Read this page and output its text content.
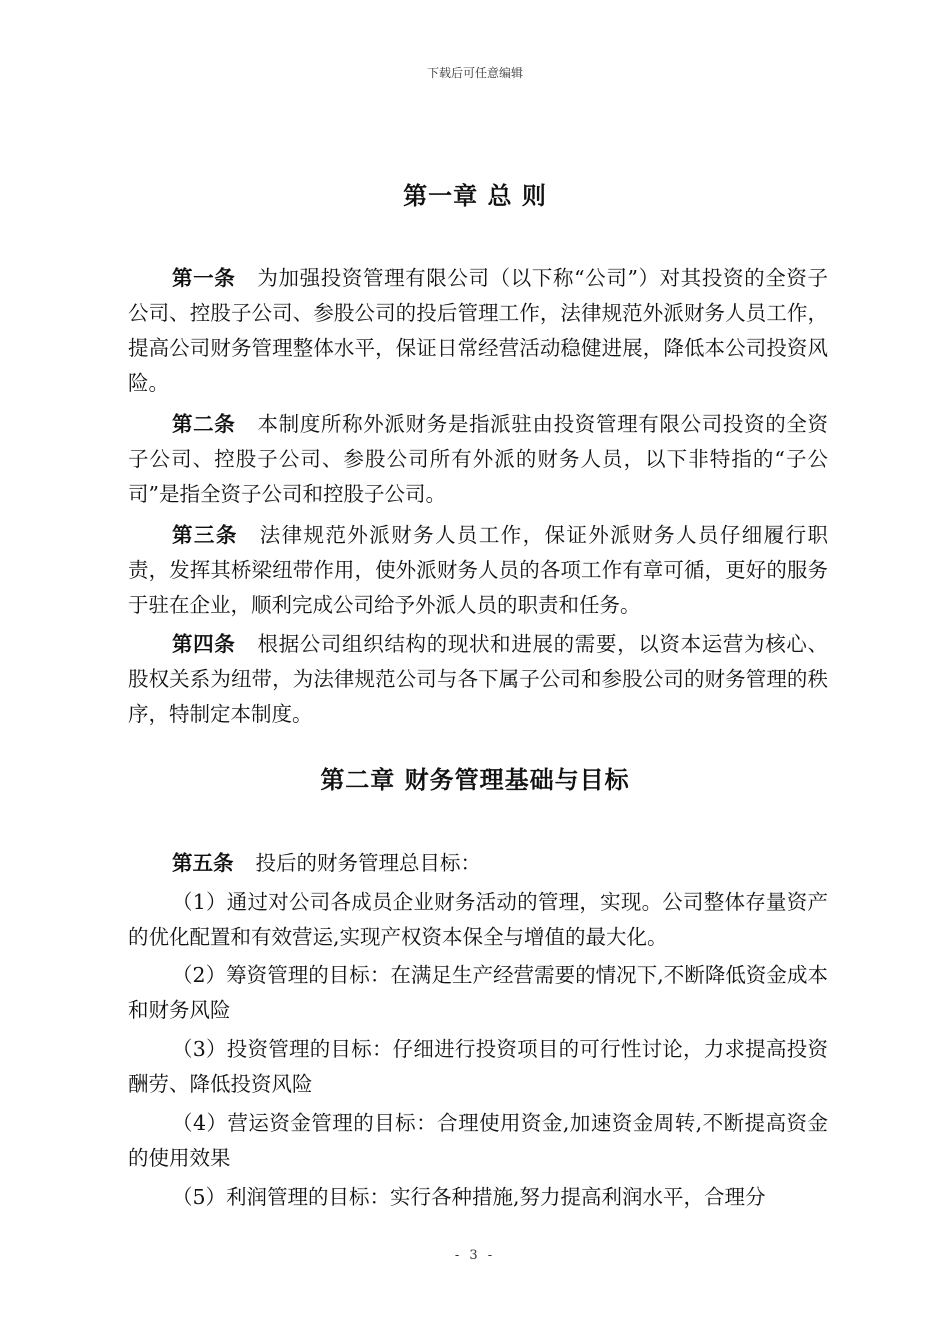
下载后可任意编辑
第一章 总 则

第一条 为加强投资管理有限公司（以下称“公司”）对其投资的全资子公司、控股子公司、参股公司的投后管理工作，法律规范外派财务人员工作，提高公司财务管理整体水平，保证日常经营活动稳健进展，降低本公司投资风险。

第二条 本制度所称外派财务是指派驻由投资管理有限公司投资的全资子公司、控股子公司、参股公司所有外派的财务人员，以下非特指的“子公司”是指全资子公司和控股子公司。

第三条 法律规范外派财务人员工作，保证外派财务人员仔细履行职责，发挥其桥梁纽带作用，使外派财务人员的各项工作有章可循，更好的服务于驻在企业，顺利完成公司给予外派人员的职责和任务。

第四条 根据公司组织结构的现状和进展的需要，以资本运营为核心、股权关系为纽带，为法律规范公司与各下属子公司和参股公司的财务管理的秩序，特制定本制度。

第二章 财务管理基础与目标

第五条 投后的财务管理总目标：

（1）通过对公司各成员企业财务活动的管理，实现。公司整体存量资产的优化配置和有效营运,实现产权资本保全与增值的最大化。

（2）筹资管理的目标：在满足生产经营需要的情况下,不断降低资金成本和财务风险

（3）投资管理的目标：仔细进行投资项目的可行性讨论，力求提高投资酬劳、降低投资风险

（4）营运资金管理的目标：合理使用资金,加速资金周转,不断提高资金的使用效果

（5）利润管理的目标：实行各种措施,努力提高利润水平，合理分

- 3 -
